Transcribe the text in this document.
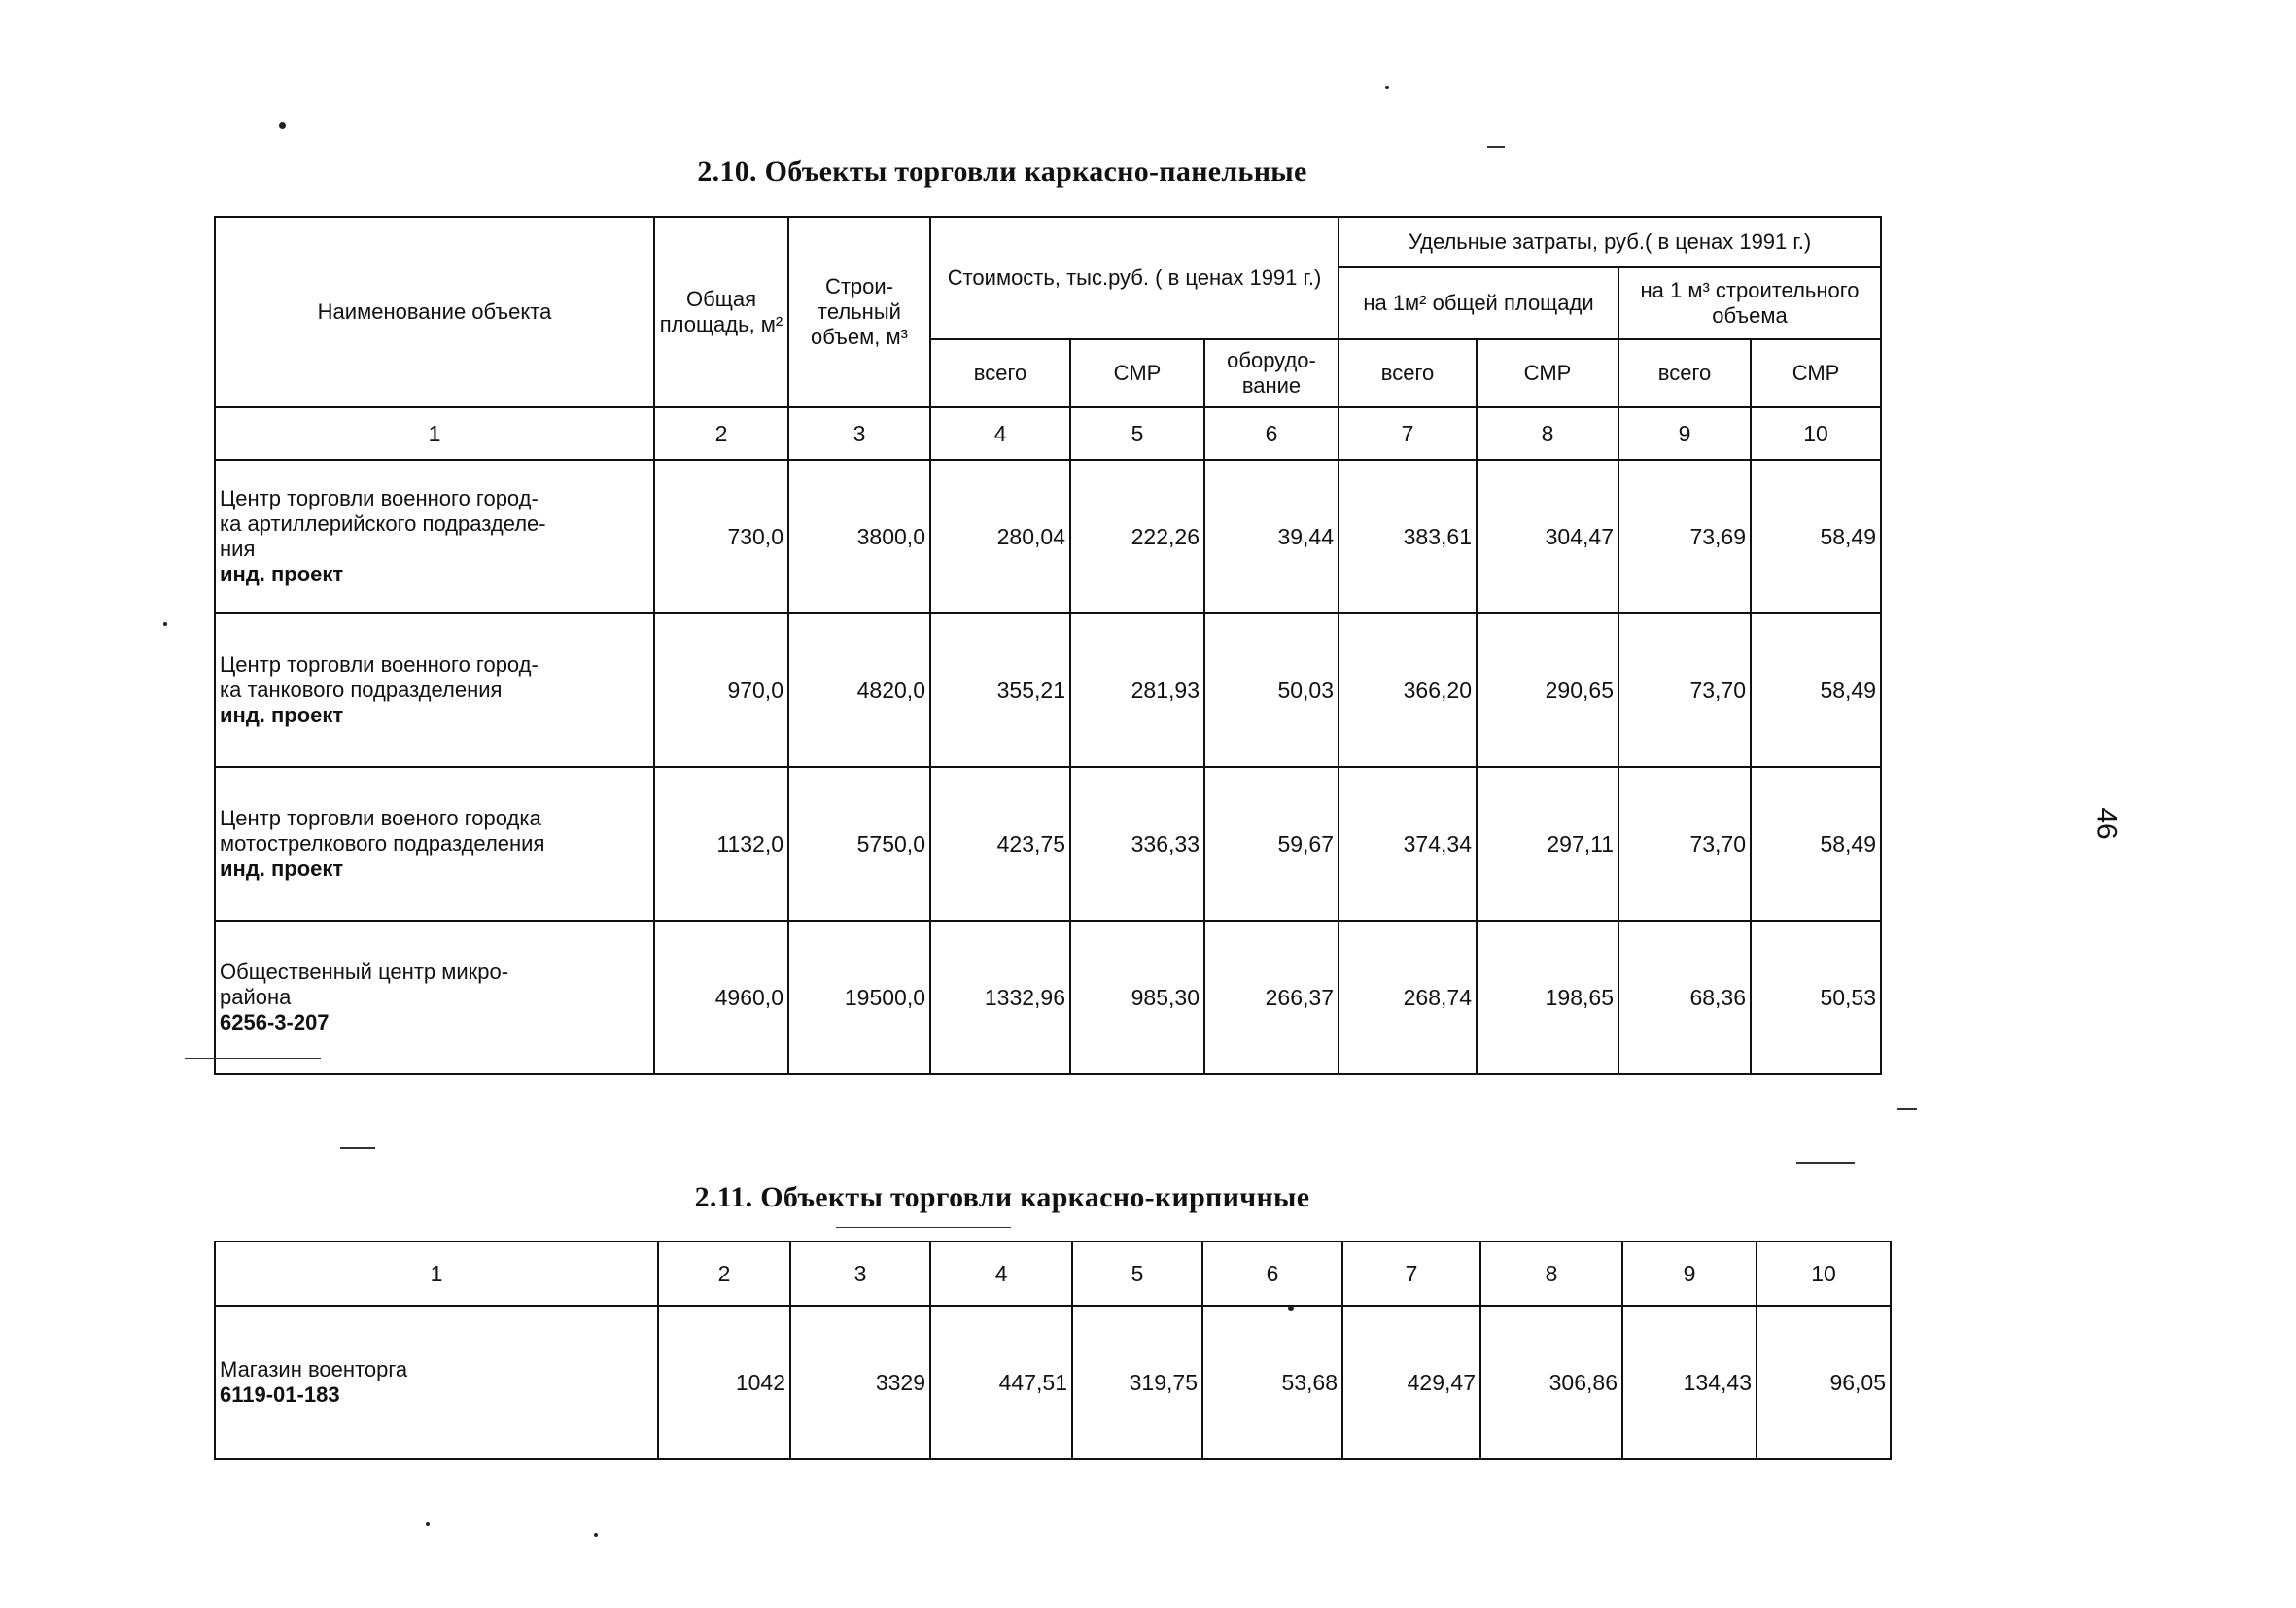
2.10. Объекты торговли каркасно-панельные
Наименование объекта	Общая площадь, м²	Строи-тельный объем, м³	Стоимость, тыс.руб. ( в ценах 1991 г.)			Удельные затраты, руб.( в ценах 1991 г.)			
						на 1м² общей площади		на 1 м³ строительного объема	
			всего	СМР	оборудо-вание	всего	СМР	всего	СМР
1	2	3	4	5	6	7	8	9	10

Центр торговли военного город-
ка артиллерийского подразделе-
ния
инд. проект	730,0	3800,0	280,04	222,26	39,44	383,61	304,47	73,69	58,49

Центр торговли военного город-
ка танкового подразделения
инд. проект	970,0	4820,0	355,21	281,93	50,03	366,20	290,65	73,70	58,49

Центр торговли военого городка
мотострелкового подразделения
инд. проект	1132,0	5750,0	423,75	336,33	59,67	374,34	297,11	73,70	58,49

Общественный центр микро-
района
6256-3-207	4960,0	19500,0	1332,96	985,30	266,37	268,74	198,65	68,36	50,53
2.11. Объекты торговли каркасно-кирпичные
1	2	3	4	5	6	7	8	9	10

Магазин военторга
6119-01-183	1042	3329	447,51	319,75	53,68	429,47	306,86	134,43	96,05
46
